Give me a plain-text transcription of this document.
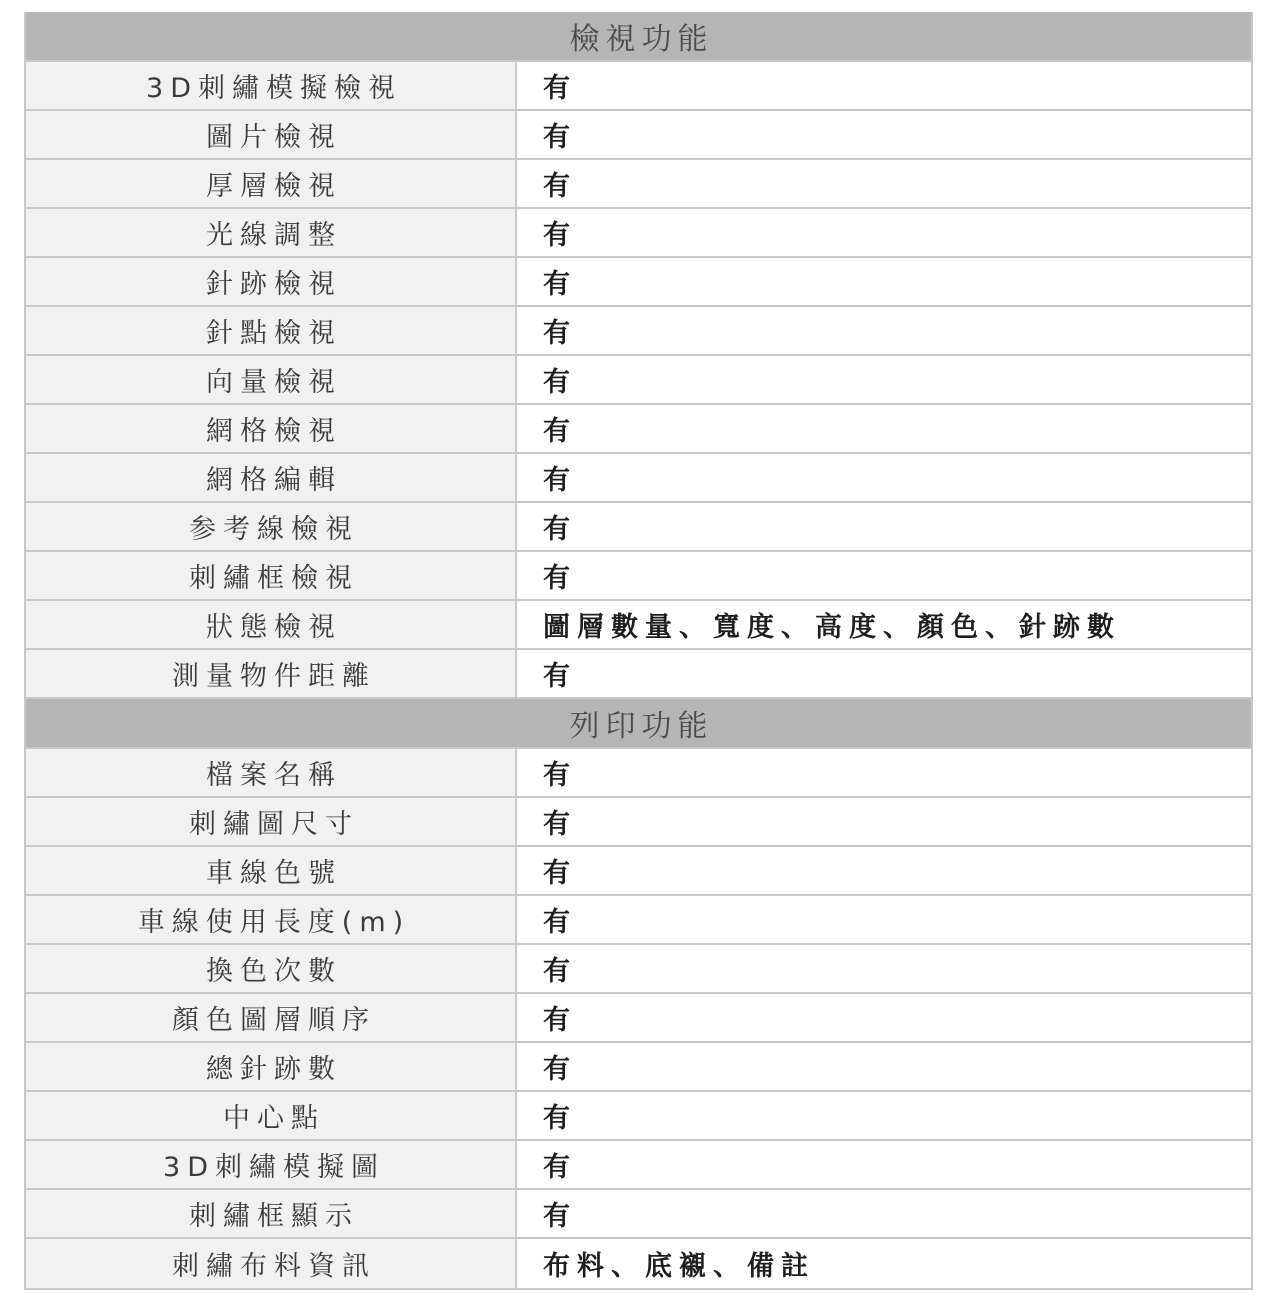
檢視功能
3D刺繡模擬檢視	有
圖片檢視	有
厚層檢視	有
光線調整	有
針跡檢視	有
針點檢視	有
向量檢視	有
網格檢視	有
網格編輯	有
参考線檢視	有
刺繡框檢視	有
狀態檢視	圖層數量、寬度、高度、顏色、針跡數
測量物件距離	有
列印功能
檔案名稱	有
刺繡圖尺寸	有
車線色號	有
車線使用長度(m)	有
換色次數	有
顏色圖層順序	有
總針跡數	有
中心點	有
3D刺繡模擬圖	有
刺繡框顯示	有
刺繡布料資訊	布料、底襯、備註
